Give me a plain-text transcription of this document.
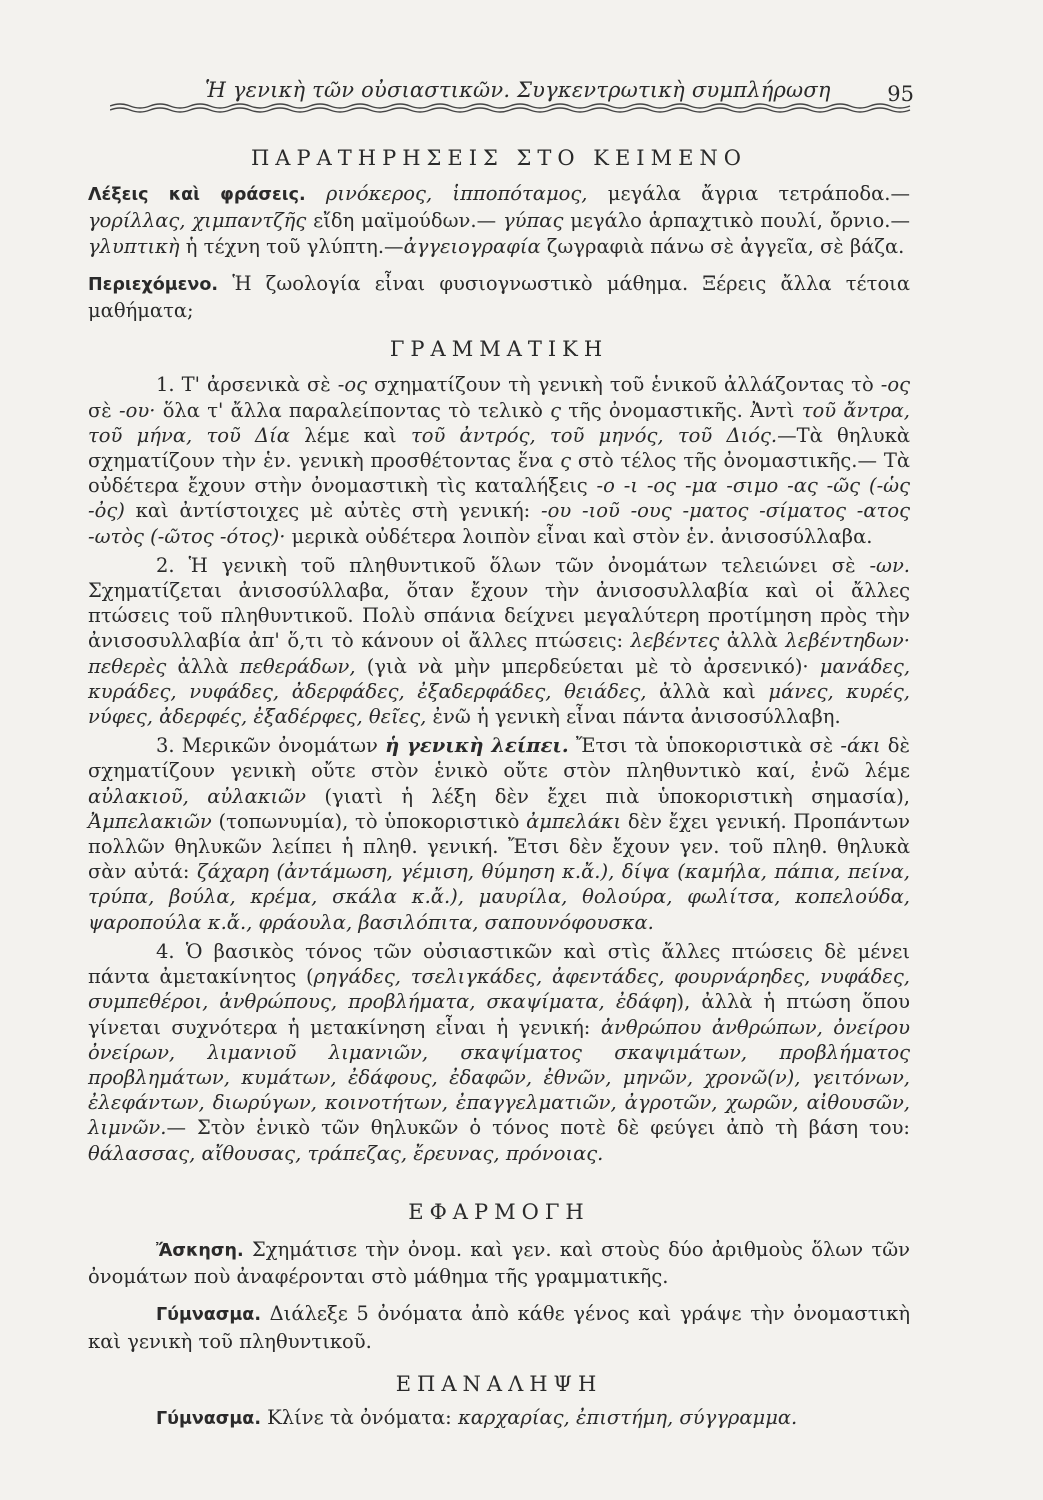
Ἡ γενικὴ τῶν οὐσιαστικῶν. Συγκεντρωτικὴ συμπλήρωση	95
ΠΑΡΑΤΗΡΗΣΕΙΣ ΣΤΟ ΚΕΙΜΕΝΟ

Λέξεις καὶ φράσεις. ρινόκερος, ἱπποπόταμος, μεγάλα ἄγρια τετράποδα.— γορίλλας, χιμπαντζῆς εἴδη μαϊμούδων.— γύπας μεγάλο ἁρπαχτικὸ πουλί, ὄρνιο.— γλυπτικὴ ἡ τέχνη τοῦ γλύπτη.—ἀγγειογραφία ζωγραφιὰ πάνω σὲ ἀγγεῖα, σὲ βάζα.

Περιεχόμενο. Ἡ ζωολογία εἶναι φυσιογνωστικὸ μάθημα. Ξέρεις ἄλλα τέτοια μαθήματα;

ΓΡΑΜΜΑΤΙΚΗ

1. Τ' ἀρσενικὰ σὲ -ος σχηματίζουν τὴ γενικὴ τοῦ ἑνικοῦ ἀλλάζοντας τὸ -ος σὲ -ου· ὅλα τ' ἄλλα παραλείποντας τὸ τελικὸ ς τῆς ὀνομαστικῆς. Ἀντὶ τοῦ ἄντρα, τοῦ μήνα, τοῦ Δία λέμε καὶ τοῦ ἀντρός, τοῦ μηνός, τοῦ Διός.—Τὰ θηλυκὰ σχηματίζουν τὴν ἑν. γενικὴ προσθέτοντας ἕνα ς στὸ τέλος τῆς ὀνομαστικῆς.— Τὰ οὐδέτερα ἔχουν στὴν ὀνομαστικὴ τὶς καταλήξεις -ο -ι -ος -μα -σιμο -ας -ῶς (-ὡς -ὀς) καὶ ἀντίστοιχες μὲ αὐτὲς στὴ γενική: -ου -ιοῦ -ους -ματος -σίματος -ατος -ωτὸς (-ῶτος -ότος)· μερικὰ οὐδέτερα λοιπὸν εἶναι καὶ στὸν ἑν. ἀνισοσύλλαβα.

2. Ἡ γενικὴ τοῦ πληθυντικοῦ ὅλων τῶν ὀνομάτων τελειώνει σὲ -ων. Σχηματίζεται ἀνισοσύλλαβα, ὅταν ἔχουν τὴν ἀνισοσυλλαβία καὶ οἱ ἄλλες πτώσεις τοῦ πληθυντικοῦ. Πολὺ σπάνια δείχνει μεγαλύτερη προτίμηση πρὸς τὴν ἀνισοσυλλαβία ἀπ' ὅ,τι τὸ κάνουν οἱ ἄλλες πτώσεις: λεβέντες ἀλλὰ λεβέντηδων· πεθερὲς ἀλλὰ πεθεράδων, (γιὰ νὰ μὴν μπερδεύεται μὲ τὸ ἀρσενικό)· μανάδες, κυράδες, νυφάδες, ἀδερφάδες, ἐξαδερφάδες, θειάδες, ἀλλὰ καὶ μάνες, κυρές, νύφες, ἀδερφές, ἐξαδέρφες, θεῖες, ἐνῶ ἡ γενικὴ εἶναι πάντα ἀνισοσύλλαβη.

3. Μερικῶν ὀνομάτων ἡ γενικὴ λείπει. Ἔτσι τὰ ὑποκοριστικὰ σὲ -άκι δὲ σχηματίζουν γενικὴ οὔτε στὸν ἑνικὸ οὔτε στὸν πληθυντικὸ καί, ἐνῶ λέμε αὐλακιοῦ, αὐλακιῶν (γιατὶ ἡ λέξη δὲν ἔχει πιὰ ὑποκοριστικὴ σημασία), Ἀμπελακιῶν (τοπωνυμία), τὸ ὑποκοριστικὸ ἀμπελάκι δὲν ἔχει γενική. Προπάντων πολλῶν θηλυκῶν λείπει ἡ πληθ. γενική. Ἔτσι δὲν ἔχουν γεν. τοῦ πληθ. θηλυκὰ σὰν αὐτά: ζάχαρη (ἀντάμωση, γέμιση, θύμηση κ.ἄ.), δίψα (καμήλα, πάπια, πείνα, τρύπα, βούλα, κρέμα, σκάλα κ.ἄ.), μαυρίλα, θολούρα, φωλίτσα, κοπελούδα, ψαροπούλα κ.ἄ., φράουλα, βασιλόπιτα, σαπουνόφουσκα.

4. Ὁ βασικὸς τόνος τῶν οὐσιαστικῶν καὶ στὶς ἄλλες πτώσεις δὲ μένει πάντα ἀμετακίνητος (ρηγάδες, τσελιγκάδες, ἀφεντάδες, φουρνάρηδες, νυφάδες, συμπεθέροι, ἀνθρώπους, προβλήματα, σκαψίματα, ἐδάφη), ἀλλὰ ἡ πτώση ὅπου γίνεται συχνότερα ἡ μετακίνηση εἶναι ἡ γενική: ἀνθρώπου ἀνθρώπων, ὀνείρου ὀνείρων, λιμανιοῦ λιμανιῶν, σκαψίματος σκαψιμάτων, προβλήματος προβλημάτων, κυμάτων, ἐδάφους, ἐδαφῶν, ἐθνῶν, μηνῶν, χρονῶ(ν), γειτόνων, ἐλεφάντων, διωρύγων, κοινοτήτων, ἐπαγγελματιῶν, ἀγροτῶν, χωρῶν, αἰθουσῶν, λιμνῶν.— Στὸν ἑνικὸ τῶν θηλυκῶν ὁ τόνος ποτὲ δὲ φεύγει ἀπὸ τὴ βάση του: θάλασσας, αἴθουσας, τράπεζας, ἔρευνας, πρόνοιας.

ΕΦΑΡΜΟΓΗ

Ἄσκηση. Σχημάτισε τὴν ὀνομ. καὶ γεν. καὶ στοὺς δύο ἀριθμοὺς ὅλων τῶν ὀνομάτων ποὺ ἀναφέρονται στὸ μάθημα τῆς γραμματικῆς.

Γύμνασμα. Διάλεξε 5 ὀνόματα ἀπὸ κάθε γένος καὶ γράψε τὴν ὀνομαστικὴ καὶ γενικὴ τοῦ πληθυντικοῦ.

ΕΠΑΝΑΛΗΨΗ

Γύμνασμα. Κλίνε τὰ ὀνόματα: καρχαρίας, ἐπιστήμη, σύγγραμμα.
